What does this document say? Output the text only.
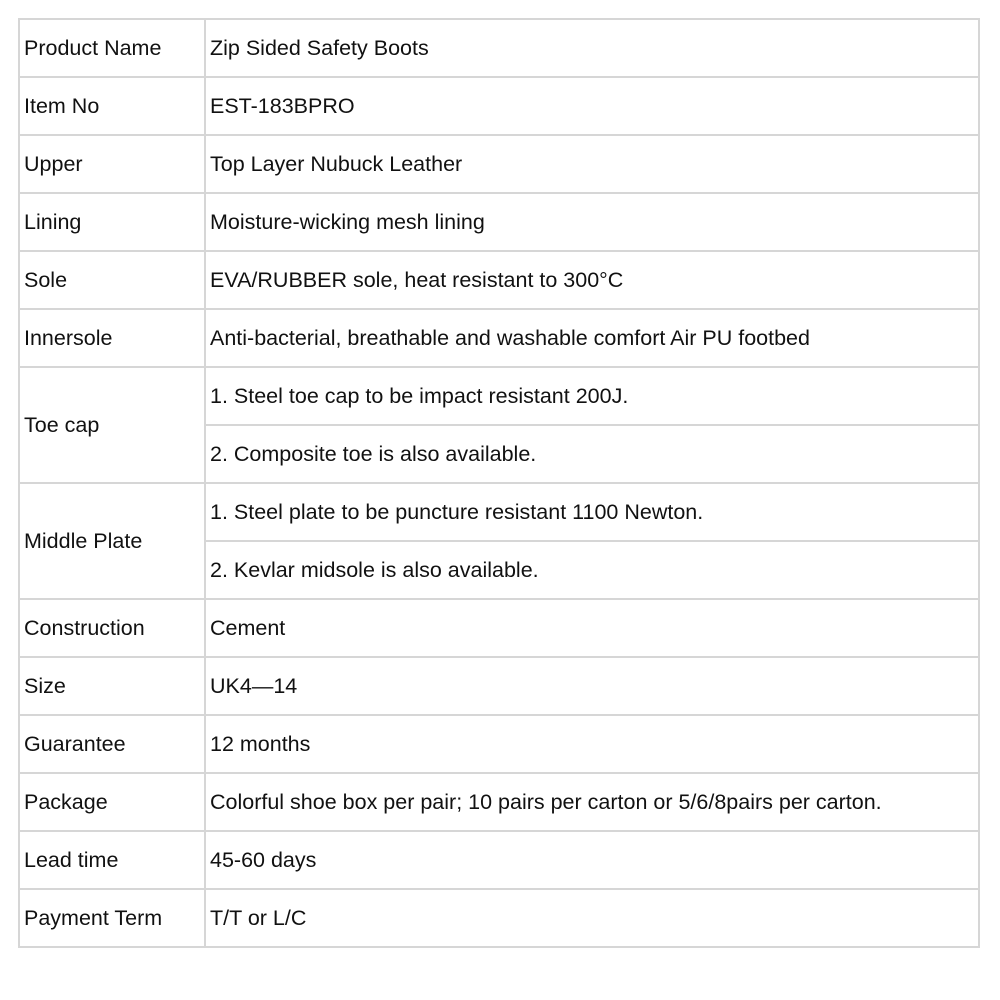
Product Name	Zip Sided Safety Boots
Item No	EST-183BPRO
Upper	Top Layer Nubuck Leather
Lining	Moisture-wicking mesh lining
Sole	EVA/RUBBER sole, heat resistant to 300°C
Innersole	Anti-bacterial, breathable and washable comfort Air PU footbed
Toe cap	1. Steel toe cap to be impact resistant 200J.
	2. Composite toe is also available.
Middle Plate	1. Steel plate to be puncture resistant 1100 Newton.
	2. Kevlar midsole is also available.
Construction	Cement
Size	UK4—14
Guarantee	12 months
Package	Colorful shoe box per pair; 10 pairs per carton or 5/6/8pairs per carton.
Lead time	45-60 days
Payment Term	T/T or L/C
